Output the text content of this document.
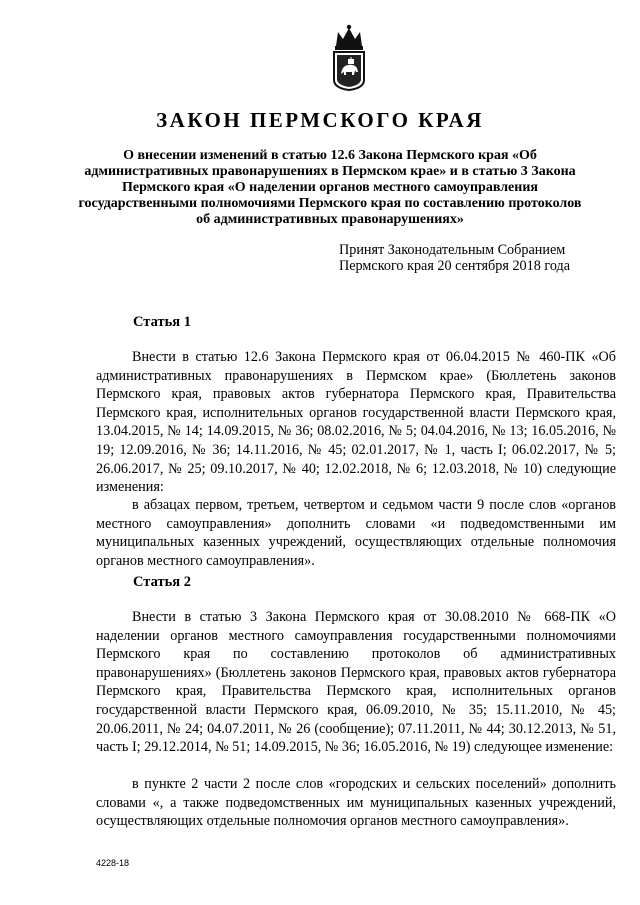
ЗАКОН ПЕРМСКОГО КРАЯ

О внесении изменений в статью 12.6 Закона Пермского края «Об административных правонарушениях в Пермском крае» и в статью 3 Закона Пермского края «О наделении органов местного самоуправления государственными полномочиями Пермского края по составлению протоколов об административных правонарушениях»

Принят Законодательным Собранием
Пермского края 20 сентября 2018 года
Статья 1

Внести в статью 12.6 Закона Пермского края от 06.04.2015 № 460-ПК «Об административных правонарушениях в Пермском крае» (Бюллетень законов Пермского края, правовых актов губернатора Пермского края, Правительства Пермского края, исполнительных органов государственной власти Пермского края, 13.04.2015, № 14; 14.09.2015, № 36; 08.02.2016, № 5; 04.04.2016, № 13; 16.05.2016, № 19; 12.09.2016, № 36; 14.11.2016, № 45; 02.01.2017, № 1, часть I; 06.02.2017, № 5; 26.06.2017, № 25; 09.10.2017, № 40; 12.02.2018, № 6; 12.03.2018, № 10) следующие изменения:

в абзацах первом, третьем, четвертом и седьмом части 9 после слов «органов местного самоуправления» дополнить словами «и подведомственными им муниципальных казенных учреждений, осуществляющих отдельные полномочия органов местного самоуправления».

Статья 2

Внести в статью 3 Закона Пермского края от 30.08.2010 № 668-ПК «О наделении органов местного самоуправления государственными полномочиями Пермского края по составлению протоколов об административных правонарушениях» (Бюллетень законов Пермского края, правовых актов губернатора Пермского края, Правительства Пермского края, исполнительных органов государственной власти Пермского края, 06.09.2010, № 35; 15.11.2010, № 45; 20.06.2011, № 24; 04.07.2011, № 26 (сообщение); 07.11.2011, № 44; 30.12.2013, № 51, часть I; 29.12.2014, № 51; 14.09.2015, № 36; 16.05.2016, № 19) следующее изменение:

в пункте 2 части 2 после слов «городских и сельских поселений» дополнить словами «, а также подведомственных им муниципальных казенных учреждений, осуществляющих отдельные полномочия органов местного самоуправления».

4228-18
